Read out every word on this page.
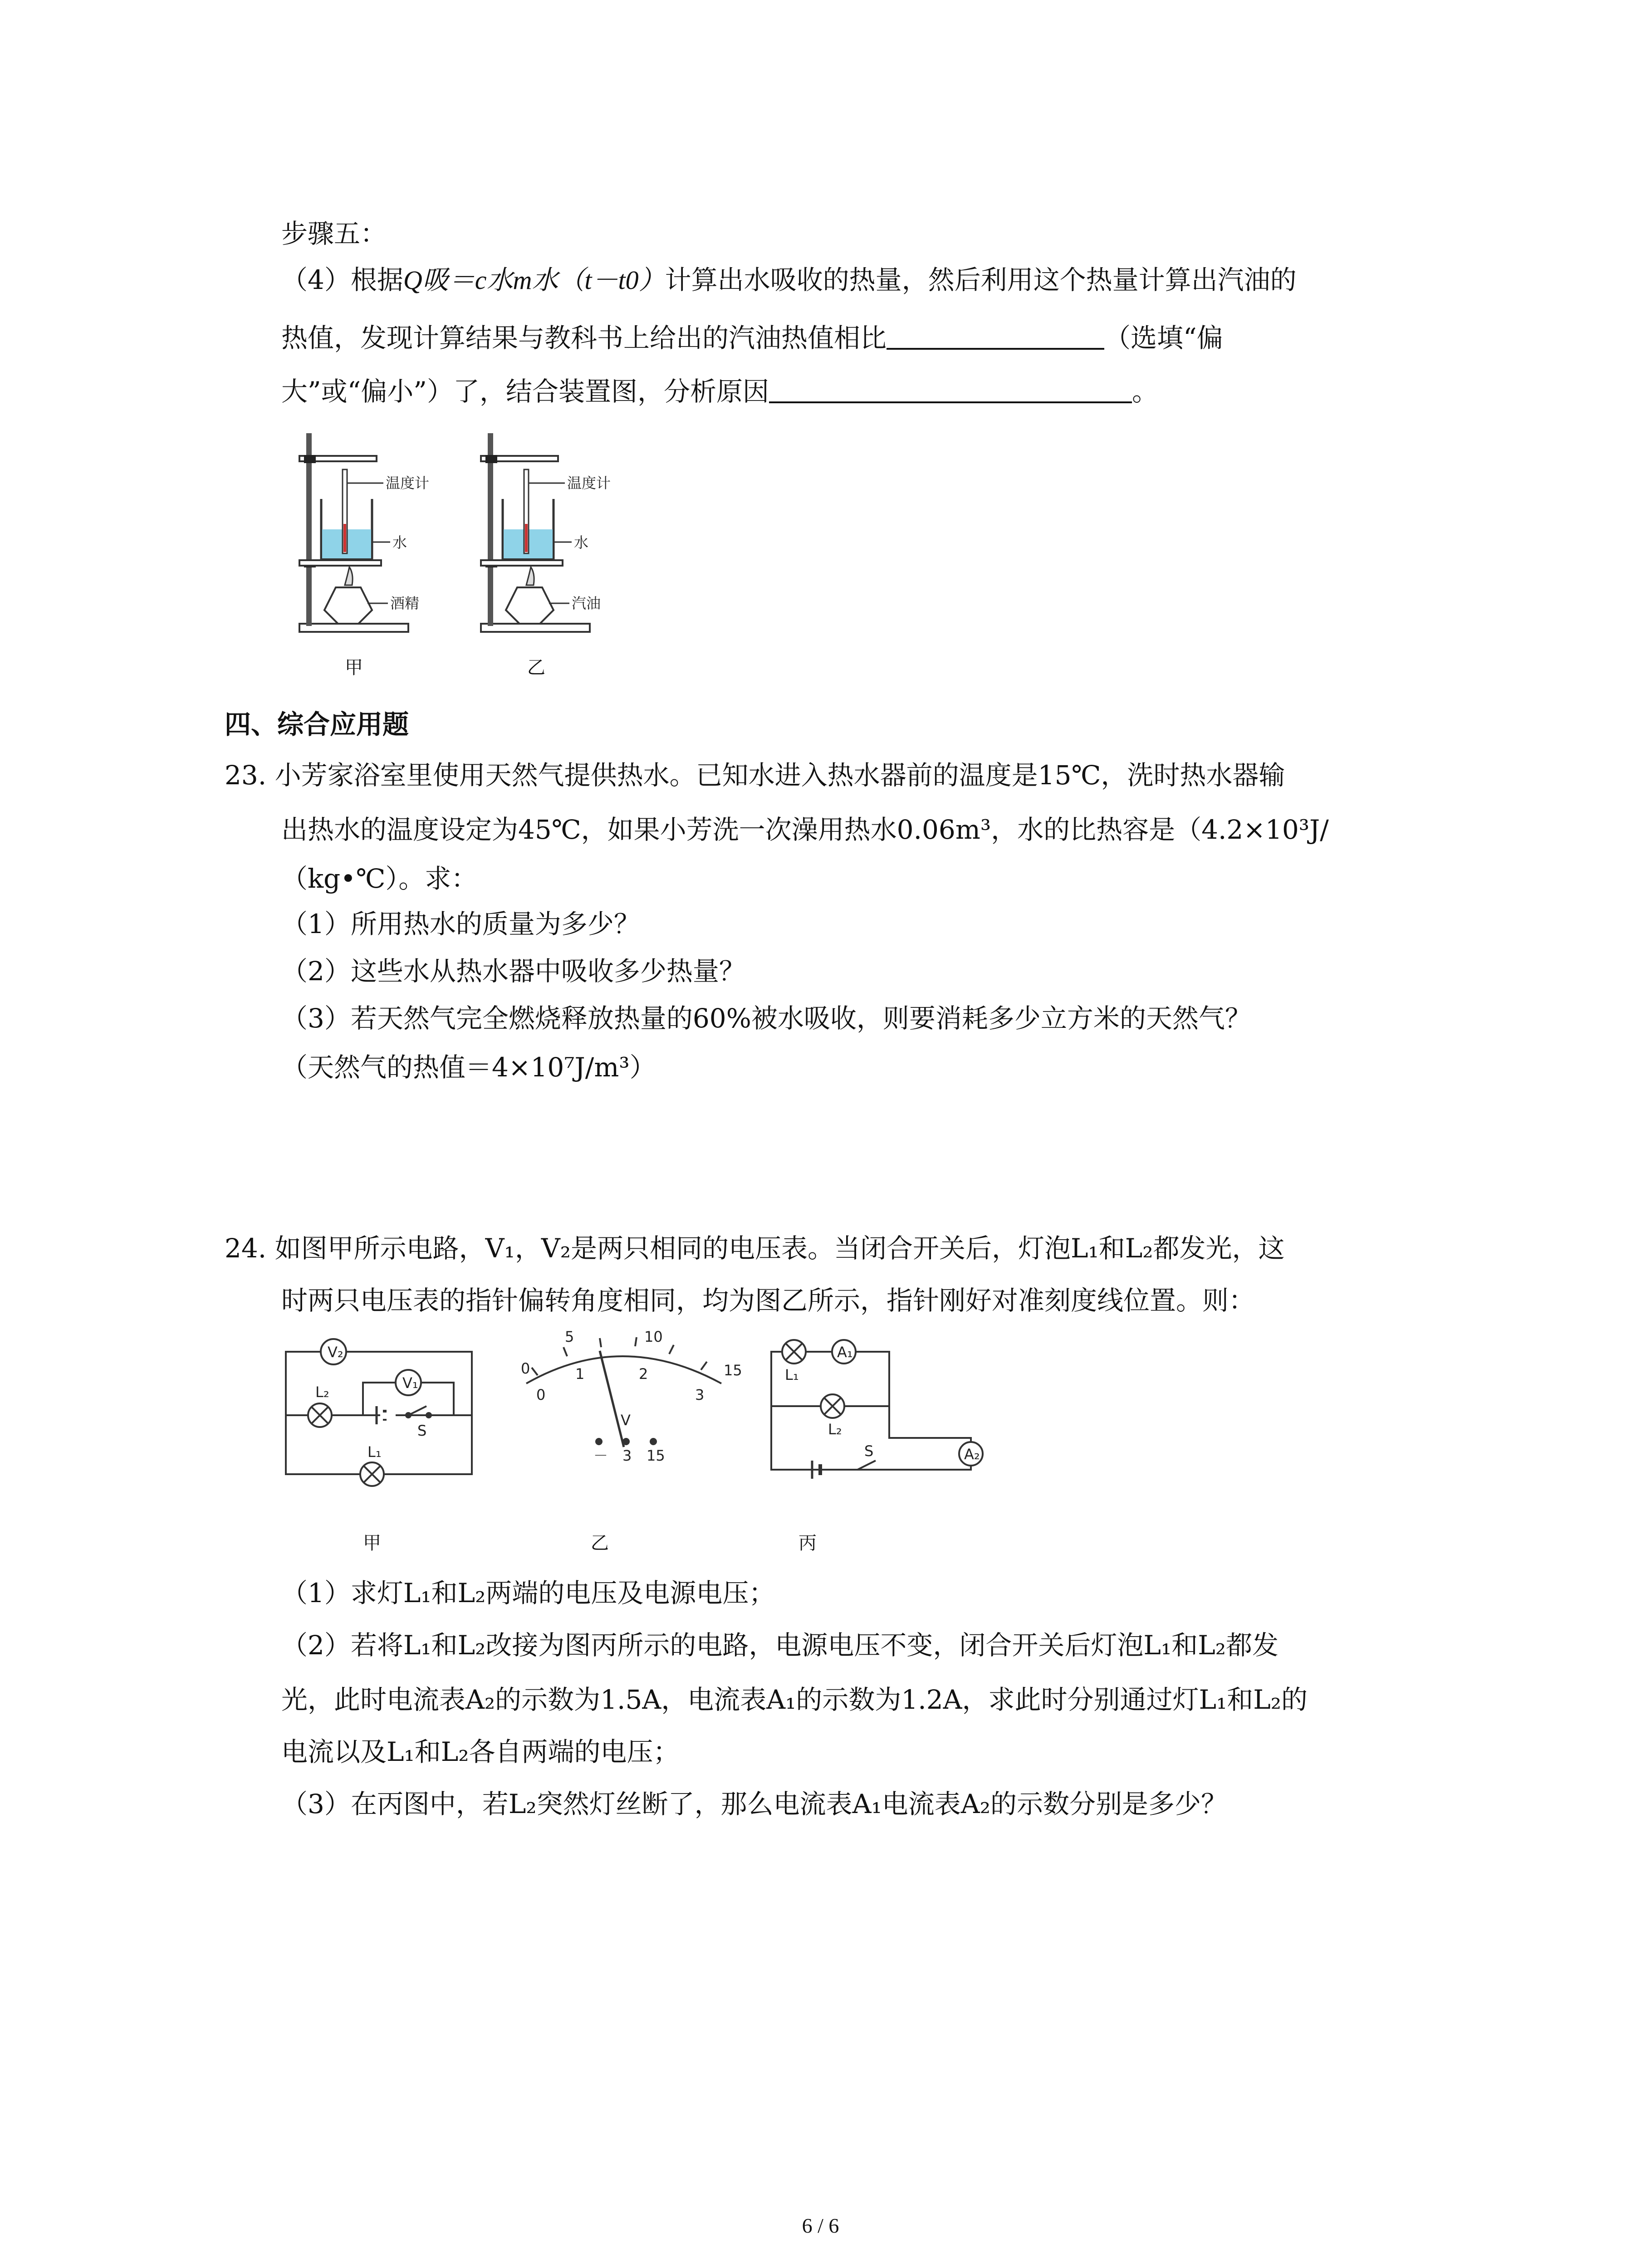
步骤五：
（4）根据Q吸＝c水m水（t－t0）计算出水吸收的热量，然后利用这个热量计算出汽油的
热值，发现计算结果与教科书上给出的汽油热值相比	（选填“偏
大”或“偏小”）了，结合装置图，分析原因	。
温度计
水
酒精
温度计
水
汽油
甲	乙
四、综合应用题
23. 小芳家浴室里使用天然气提供热水。已知水进入热水器前的温度是15℃，洗时热水器输
出热水的温度设定为45℃，如果小芳洗一次澡用热水0.06m³，水的比热容是（4.2×10³J/
（kg•℃）。求：
（1）所用热水的质量为多少？
（2）这些水从热水器中吸收多少热量？
（3）若天然气完全燃烧释放热量的60%被水吸收，则要消耗多少立方米的天然气？
（天然气的热值＝4×10⁷J/m³）
24. 如图甲所示电路，V₁，V₂是两只相同的电压表。当闭合开关后，灯泡L₁和L₂都发光，这
时两只电压表的指针偏转角度相同，均为图乙所示，指针刚好对准刻度线位置。则：
V₂
V₁
L₂
L₁
S
0
5	10
15
0
1	2
3
V
－ 3 15
A₁
A₂
L₁
L₂
S
甲	乙	丙
（1）求灯L₁和L₂两端的电压及电源电压；
（2）若将L₁和L₂改接为图丙所示的电路，电源电压不变，闭合开关后灯泡L₁和L₂都发
光，此时电流表A₂的示数为1.5A，电流表A₁的示数为1.2A，求此时分别通过灯L₁和L₂的
电流以及L₁和L₂各自两端的电压；
（3）在丙图中，若L₂突然灯丝断了，那么电流表A₁电流表A₂的示数分别是多少？
6 / 6
